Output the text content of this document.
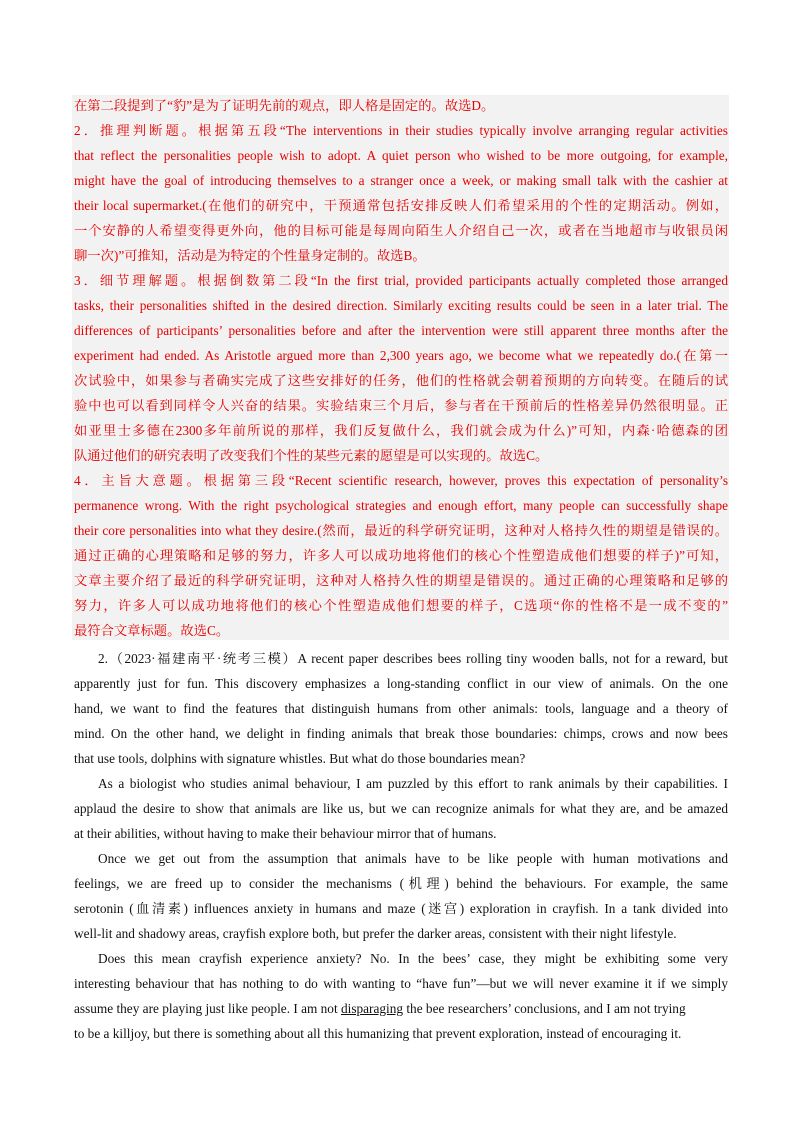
在第二段提到了“豹”是为了证明先前的观点，即人格是固定的。故选D。
2．推理判断题。根据第五段“The interventions in their studies typically involve arranging regular activities
that reflect the personalities people wish to adopt. A quiet person who wished to be more outgoing, for example,
might have the goal of introducing themselves to a stranger once a week, or making small talk with the cashier at
their local supermarket.(在他们的研究中，干预通常包括安排反映人们希望采用的个性的定期活动。例如，
一个安静的人希望变得更外向，他的目标可能是每周向陌生人介绍自己一次，或者在当地超市与收银员闲
聊一次)”可推知，活动是为特定的个性量身定制的。故选B。
3．细节理解题。根据倒数第二段“In the first trial, provided participants actually completed those arranged
tasks, their personalities shifted in the desired direction. Similarly exciting results could be seen in a later trial. The
differences of participants’ personalities before and after the intervention were still apparent three months after the
experiment had ended. As Aristotle argued more than 2,300 years ago, we become what we repeatedly do.(在第一
次试验中，如果参与者确实完成了这些安排好的任务，他们的性格就会朝着预期的方向转变。在随后的试
验中也可以看到同样令人兴奋的结果。实验结束三个月后，参与者在干预前后的性格差异仍然很明显。正
如亚里士多德在2300多年前所说的那样，我们反复做什么，我们就会成为什么)”可知，内森·哈德森的团
队通过他们的研究表明了改变我们个性的某些元素的愿望是可以实现的。故选C。
4．主旨大意题。根据第三段“Recent scientific research, however, proves this expectation of personality’s
permanence wrong. With the right psychological strategies and enough effort, many people can successfully shape
their core personalities into what they desire.(然而，最近的科学研究证明，这种对人格持久性的期望是错误的。
通过正确的心理策略和足够的努力，许多人可以成功地将他们的核心个性塑造成他们想要的样子)”可知，
文章主要介绍了最近的科学研究证明，这种对人格持久性的期望是错误的。通过正确的心理策略和足够的
努力，许多人可以成功地将他们的核心个性塑造成他们想要的样子，C选项“你的性格不是一成不变的”
最符合文章标题。故选C。
2.（2023·福建南平·统考三模）A recent paper describes bees rolling tiny wooden balls, not for a reward, but
apparently just for fun. This discovery emphasizes a long-standing conflict in our view of animals. On the one
hand, we want to find the features that distinguish humans from other animals: tools, language and a theory of
mind. On the other hand, we delight in finding animals that break those boundaries: chimps, crows and now bees
that use tools, dolphins with signature whistles. But what do those boundaries mean?
As a biologist who studies animal behaviour, I am puzzled by this effort to rank animals by their capabilities. I
applaud the desire to show that animals are like us, but we can recognize animals for what they are, and be amazed
at their abilities, without having to make their behaviour mirror that of humans.
Once we get out from the assumption that animals have to be like people with human motivations and
feelings, we are freed up to consider the mechanisms (机理) behind the behaviours. For example, the same
serotonin (血清素) influences anxiety in humans and maze (迷宫) exploration in crayfish. In a tank divided into
well-lit and shadowy areas, crayfish explore both, but prefer the darker areas, consistent with their night lifestyle.
Does this mean crayfish experience anxiety? No. In the bees’ case, they might be exhibiting some very
interesting behaviour that has nothing to do with wanting to “have fun”—but we will never examine it if we simply
assume they are playing just like people. I am not disparaging the bee researchers’ conclusions, and I am not trying
to be a killjoy, but there is something about all this humanizing that prevent exploration, instead of encouraging it.
